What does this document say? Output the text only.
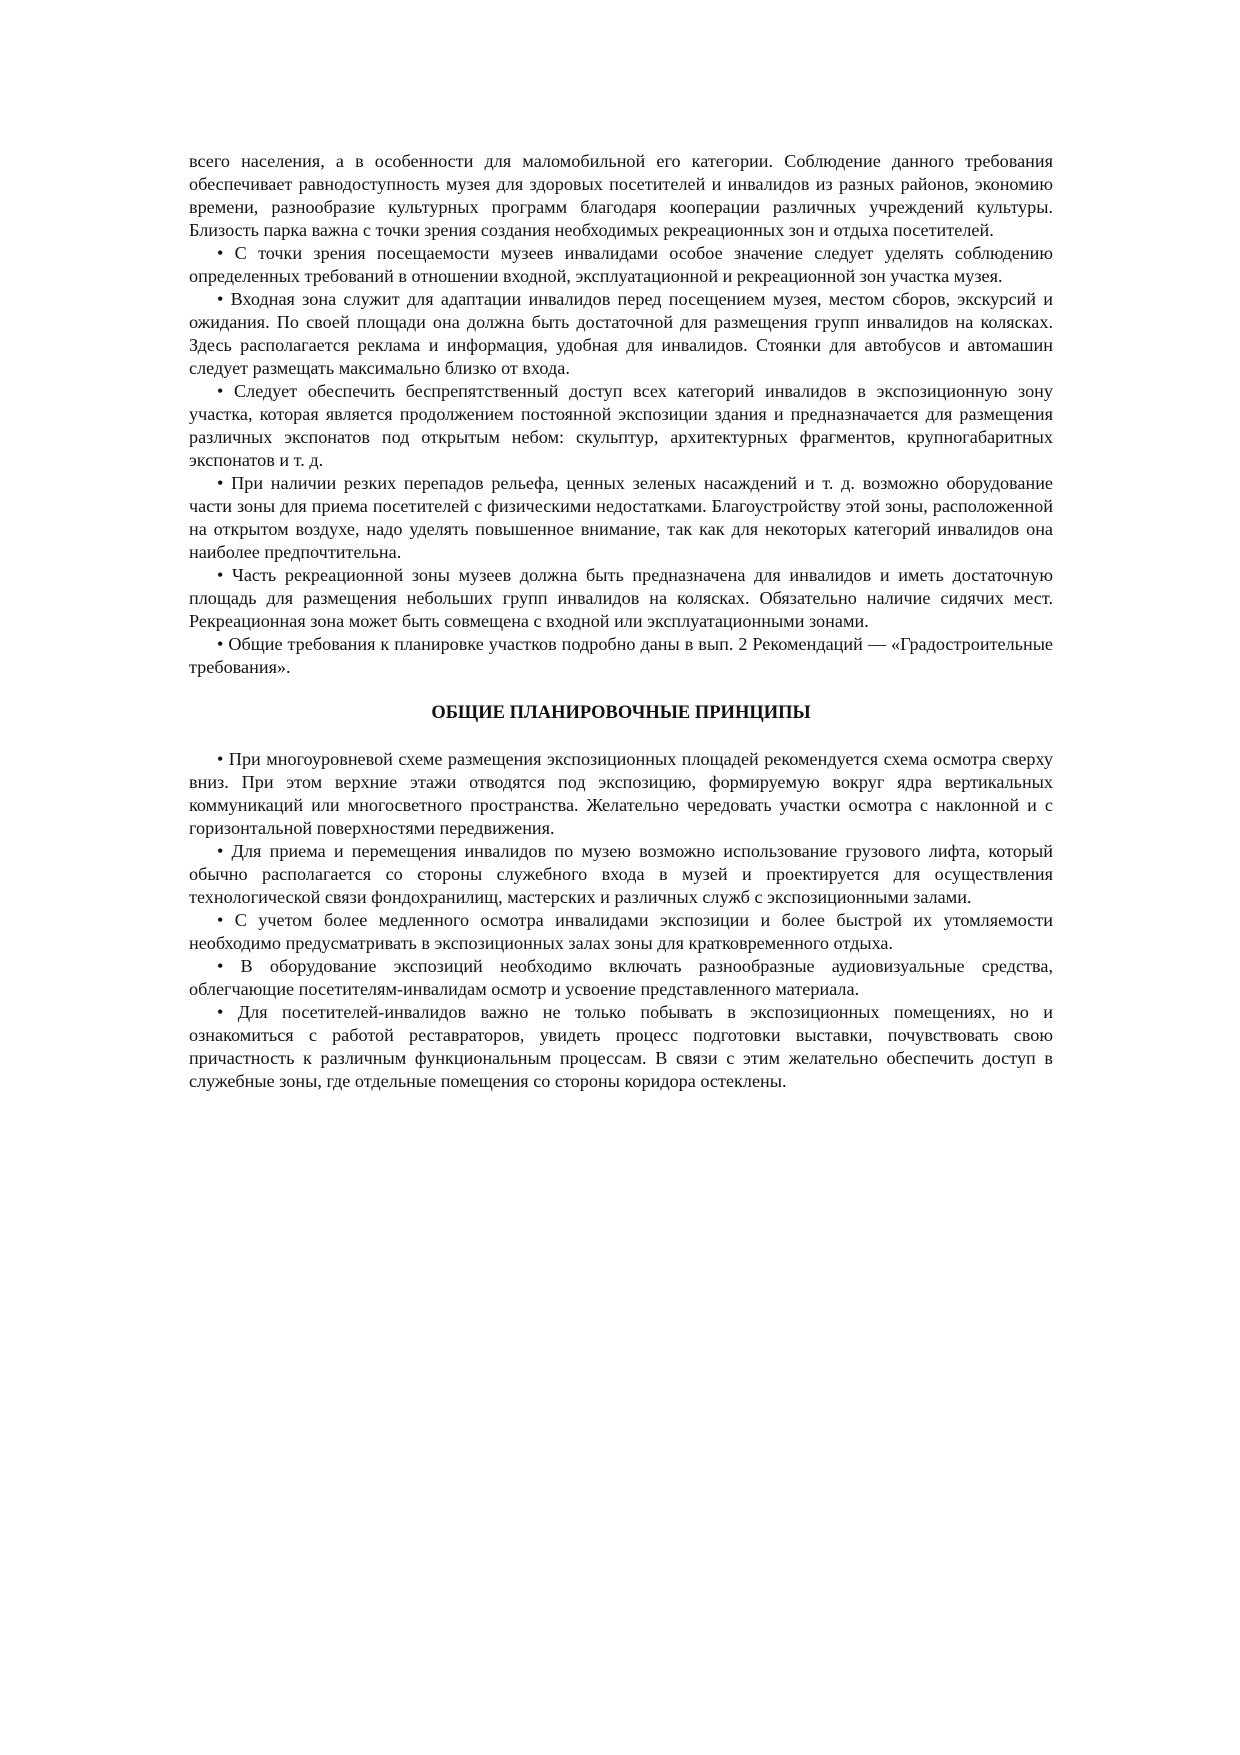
всего населения, а в особенности для маломобильной его категории. Соблюдение данного требования обеспечивает равнодоступность музея для здоровых посетителей и инвалидов из разных районов, экономию времени, разнообразие культурных программ благодаря кооперации различных учреждений культуры. Близость парка важна с точки зрения создания необходимых рекреационных зон и отдыха посетителей.

• С точки зрения посещаемости музеев инвалидами особое значение следует уделять соблюдению определенных требований в отношении входной, эксплуатационной и рекреационной зон участка музея.

• Входная зона служит для адаптации инвалидов перед посещением музея, местом сборов, экскурсий и ожидания. По своей площади она должна быть достаточной для размещения групп инвалидов на колясках. Здесь располагается реклама и информация, удобная для инвалидов. Стоянки для автобусов и автомашин следует размещать максимально близко от входа.

• Следует обеспечить беспрепятственный доступ всех категорий инвалидов в экспозиционную зону участка, которая является продолжением постоянной экспозиции здания и предназначается для размещения различных экспонатов под открытым небом: скульптур, архитектурных фрагментов, крупногабаритных экспонатов и т. д.

• При наличии резких перепадов рельефа, ценных зеленых насаждений и т. д. возможно оборудование части зоны для приема посетителей с физическими недостатками. Благоустройству этой зоны, расположенной на открытом воздухе, надо уделять повышенное внимание, так как для некоторых категорий инвалидов она наиболее предпочтительна.

• Часть рекреационной зоны музеев должна быть предназначена для инвалидов и иметь достаточную площадь для размещения небольших групп инвалидов на колясках. Обязательно наличие сидячих мест. Рекреационная зона может быть совмещена с входной или эксплуатационными зонами.

• Общие требования к планировке участков подробно даны в вып. 2 Рекомендаций — «Градостроительные требования».

ОБЩИЕ ПЛАНИРОВОЧНЫЕ ПРИНЦИПЫ

• При многоуровневой схеме размещения экспозиционных площадей рекомендуется схема осмотра сверху вниз. При этом верхние этажи отводятся под экспозицию, формируемую вокруг ядра вертикальных коммуникаций или многосветного пространства. Желательно чередовать участки осмотра с наклонной и с горизонтальной поверхностями передвижения.

• Для приема и перемещения инвалидов по музею возможно использование грузового лифта, который обычно располагается со стороны служебного входа в музей и проектируется для осуществления технологической связи фондохранилищ, мастерских и различных служб с экспозиционными залами.

• С учетом более медленного осмотра инвалидами экспозиции и более быстрой их утомляемости необходимо предусматривать в экспозиционных залах зоны для кратковременного отдыха.

• В оборудование экспозиций необходимо включать разнообразные аудиовизуальные средства, облегчающие посетителям-инвалидам осмотр и усвоение представленного материала.

• Для посетителей-инвалидов важно не только побывать в экспозиционных помещениях, но и ознакомиться с работой реставраторов, увидеть процесс подготовки выставки, почувствовать свою причастность к различным функциональным процессам. В связи с этим желательно обеспечить доступ в служебные зоны, где отдельные помещения со стороны коридора остеклены.
